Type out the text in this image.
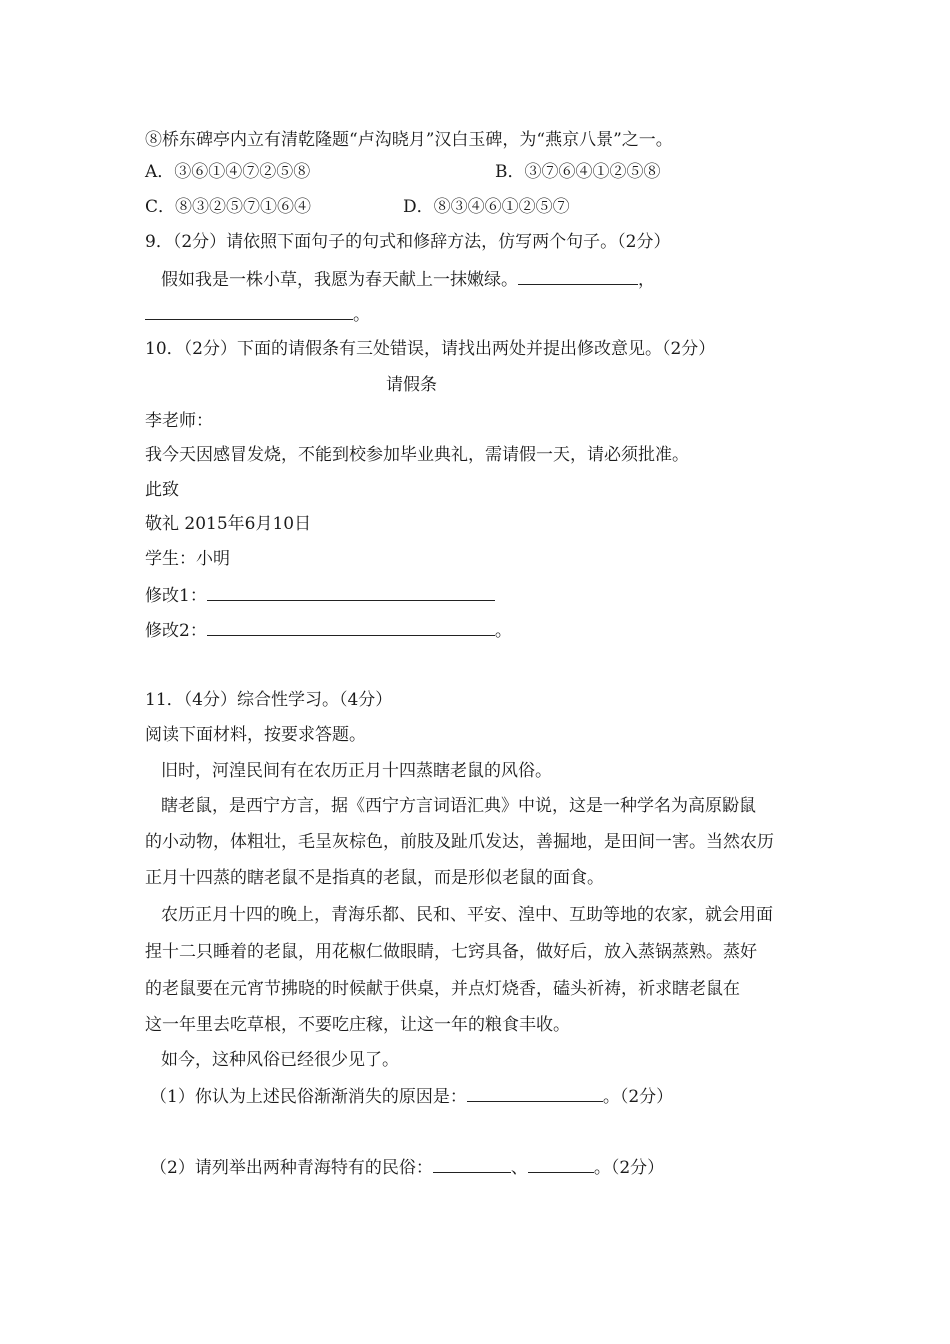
⑧桥东碑亭内立有清乾隆题“卢沟晓月”汉白玉碑，为“燕京八景”之一。
A．③⑥①④⑦②⑤⑧	B．③⑦⑥④①②⑤⑧
C．⑧③②⑤⑦①⑥④	D．⑧③④⑥①②⑤⑦
9．（2分）请依照下面句子的句式和修辞方法，仿写两个句子。（2分）
假如我是一株小草，我愿为春天献上一抹嫩绿。	，
。
10．（2分）下面的请假条有三处错误，请找出两处并提出修改意见。（2分）
请假条
李老师：
我今天因感冒发烧，不能到校参加毕业典礼，需请假一天，请必须批准。
此致
敬礼 2015年6月10日
学生：小明
修改1：
修改2：	。
11．（4分）综合性学习。（4分）
阅读下面材料，按要求答题。
旧时，河湟民间有在农历正月十四蒸瞎老鼠的风俗。
瞎老鼠，是西宁方言，据《西宁方言词语汇典》中说，这是一种学名为高原鼢鼠
的小动物，体粗壮，毛呈灰棕色，前肢及趾爪发达，善掘地，是田间一害。当然农历
正月十四蒸的瞎老鼠不是指真的老鼠，而是形似老鼠的面食。
农历正月十四的晚上，青海乐都、民和、平安、湟中、互助等地的农家，就会用面
捏十二只睡着的老鼠，用花椒仁做眼睛，七窍具备，做好后，放入蒸锅蒸熟。蒸好
的老鼠要在元宵节拂晓的时候献于供桌，并点灯烧香，磕头祈祷，祈求瞎老鼠在
这一年里去吃草根，不要吃庄稼，让这一年的粮食丰收。
如今，这种风俗已经很少见了。
（1）你认为上述民俗渐渐消失的原因是：	。（2分）
（2）请列举出两种青海特有的民俗：	、	。（2分）
